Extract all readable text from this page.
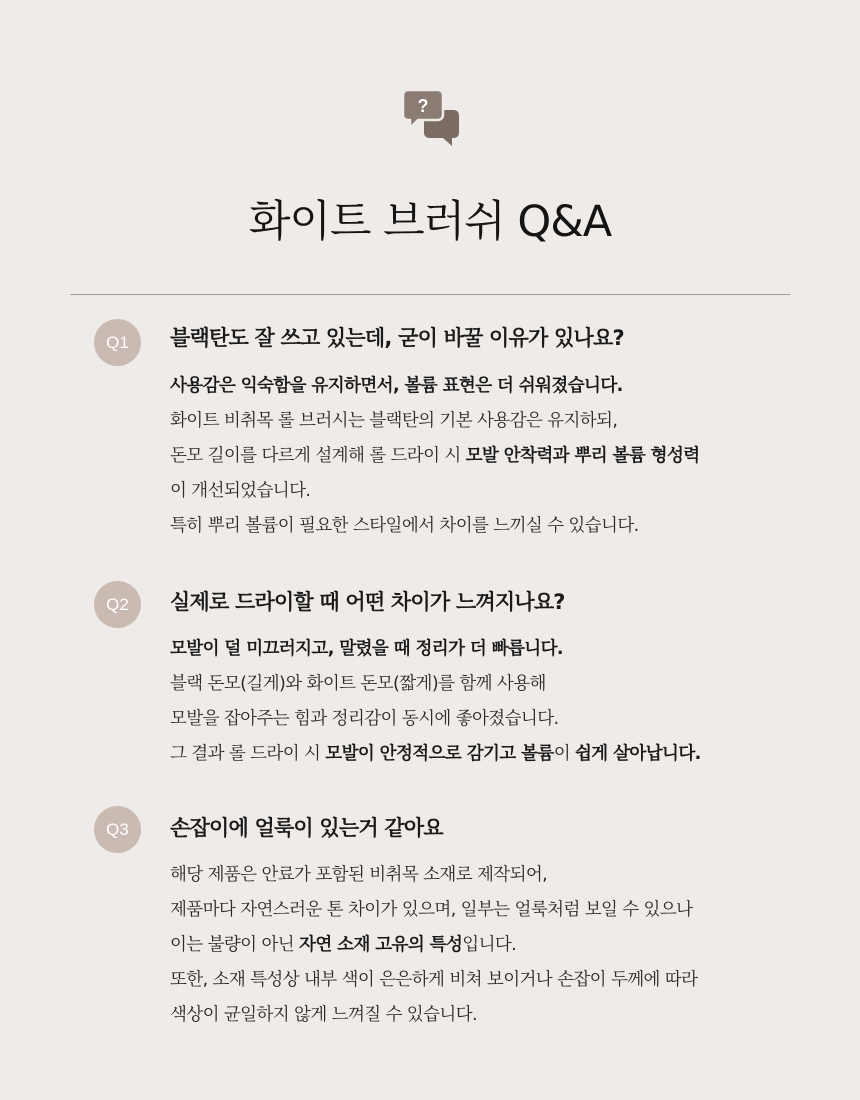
?
화이트 브러쉬 Q&A
Q1	블랙탄도 잘 쓰고 있는데, 굳이 바꿀 이유가 있나요?
사용감은 익숙함을 유지하면서, 볼륨 표현은 더 쉬워졌습니다.
화이트 비취목 롤 브러시는 블랙탄의 기본 사용감은 유지하되,
돈모 길이를 다르게 설계해 롤 드라이 시 모발 안착력과 뿌리 볼륨 형성력
이 개선되었습니다.
특히 뿌리 볼륨이 필요한 스타일에서 차이를 느끼실 수 있습니다.
Q2	실제로 드라이할 때 어떤 차이가 느껴지나요?
모발이 덜 미끄러지고, 말렸을 때 정리가 더 빠릅니다.
블랙 돈모(길게)와 화이트 돈모(짧게)를 함께 사용해
모발을 잡아주는 힘과 정리감이 동시에 좋아졌습니다.
그 결과 롤 드라이 시 모발이 안정적으로 감기고 볼륨이 쉽게 살아납니다.
Q3	손잡이에 얼룩이 있는거 같아요
해당 제품은 안료가 포함된 비취목 소재로 제작되어,
제품마다 자연스러운 톤 차이가 있으며, 일부는 얼룩처럼 보일 수 있으나
이는 불량이 아닌 자연 소재 고유의 특성입니다.
또한, 소재 특성상 내부 색이 은은하게 비쳐 보이거나 손잡이 두께에 따라
색상이 균일하지 않게 느껴질 수 있습니다.
